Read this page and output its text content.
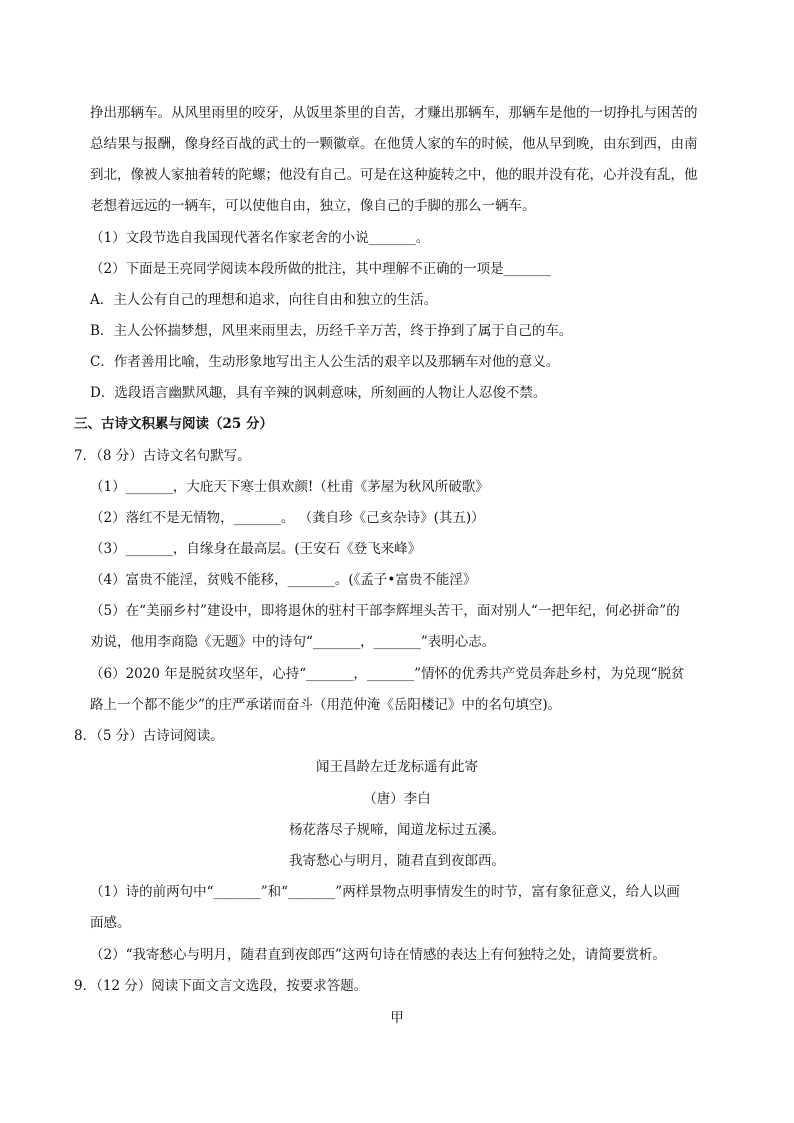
挣出那辆车。从风里雨里的咬牙，从饭里茶里的自苦，才赚出那辆车，那辆车是他的一切挣扎与困苦的
总结果与报酬，像身经百战的武士的一颗徽章。在他赁人家的车的时候，他从早到晚，由东到西，由南
到北，像被人家抽着转的陀螺；他没有自己。可是在这种旋转之中，他的眼并没有花，心并没有乱，他
老想着远远的一辆车，可以使他自由，独立，像自己的手脚的那么一辆车。
（1）文段节选自我国现代著名作家老舍的小说_______。
（2）下面是王亮同学阅读本段所做的批注，其中理解不正确的一项是_______
A．主人公有自己的理想和追求，向往自由和独立的生活。
B．主人公怀揣梦想，风里来雨里去，历经千辛万苦，终于挣到了属于自己的车。
C．作者善用比喻，生动形象地写出主人公生活的艰辛以及那辆车对他的意义。
D．选段语言幽默风趣，具有辛辣的讽刺意味，所刻画的人物让人忍俊不禁。
三、古诗文积累与阅读（25 分）
7．（8 分）古诗文名句默写。
（1）_______，大庇天下寒士俱欢颜!（杜甫《茅屋为秋风所破歌》
（2）落红不是无情物，_______。 （龚自珍《己亥杂诗》(其五)）
（3）_______，自缘身在最高层。(王安石《登飞来峰》
（4）富贵不能淫，贫贱不能移，_______。(《孟子•富贵不能淫》
（5）在“美丽乡村”建设中，即将退休的驻村干部李辉埋头苦干，面对别人“一把年纪，何必拼命”的
劝说，他用李商隐《无题》中的诗句“_______，_______”表明心志。
（6）2020 年是脱贫攻坚年，心持“_______，_______”情怀的优秀共产党员奔赴乡村，为兑现“脱贫
路上一个都不能少”的庄严承诺而奋斗（用范仲淹《岳阳楼记》中的名句填空)。
8．（5 分）古诗词阅读。
闻王昌龄左迁龙标遥有此寄
（唐）李白
杨花落尽子规啼，闻道龙标过五溪。
我寄愁心与明月，随君直到夜郎西。
（1）诗的前两句中“_______”和“_______”两样景物点明事情发生的时节，富有象征意义，给人以画
面感。
（2）“我寄愁心与明月，随君直到夜郎西”这两句诗在情感的表达上有何独特之处，请简要赏析。
9．（12 分）阅读下面文言文选段，按要求答题。
甲
